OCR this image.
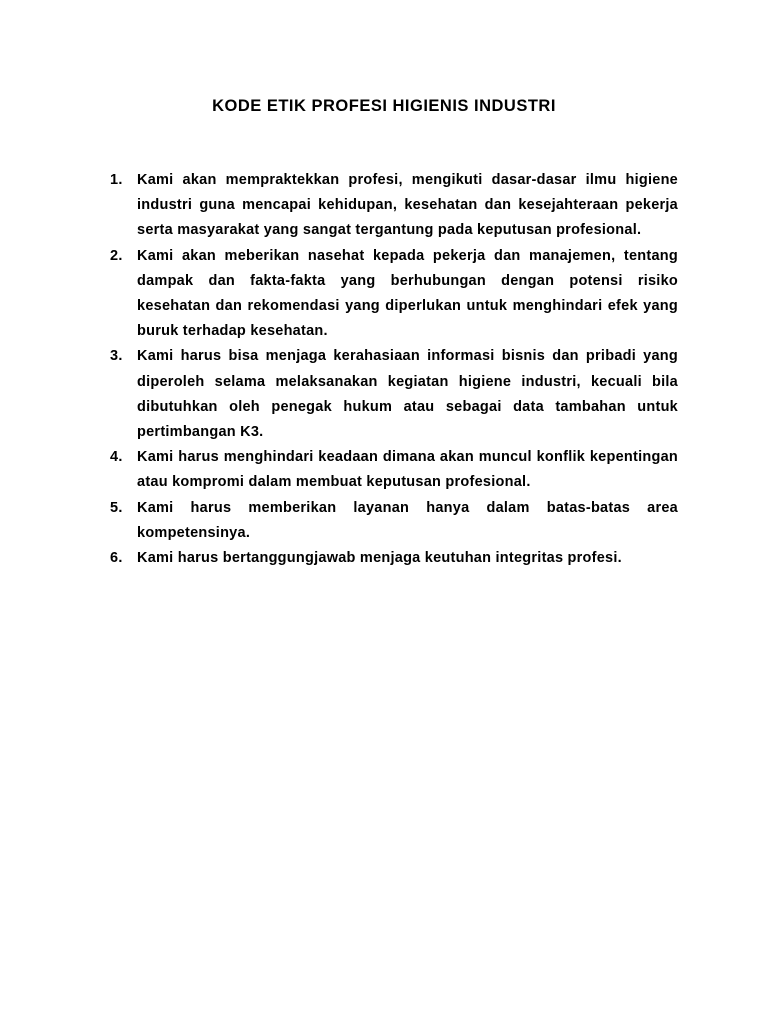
KODE ETIK PROFESI HIGIENIS INDUSTRI
1. Kami akan mempraktekkan profesi, mengikuti dasar-dasar ilmu higiene industri guna mencapai kehidupan, kesehatan dan kesejahteraan pekerja serta masyarakat yang sangat tergantung pada keputusan profesional.
2. Kami akan meberikan nasehat kepada pekerja dan manajemen, tentang dampak dan fakta-fakta yang berhubungan dengan potensi risiko kesehatan dan rekomendasi yang diperlukan untuk menghindari efek yang buruk terhadap kesehatan.
3. Kami harus bisa menjaga kerahasiaan informasi bisnis dan pribadi yang diperoleh selama melaksanakan kegiatan higiene industri, kecuali bila dibutuhkan oleh penegak hukum atau sebagai data tambahan untuk pertimbangan K3.
4. Kami harus menghindari keadaan dimana akan muncul konflik kepentingan atau kompromi dalam membuat keputusan profesional.
5. Kami harus memberikan layanan hanya dalam batas-batas area kompetensinya.
6. Kami harus bertanggungjawab menjaga keutuhan integritas profesi.
